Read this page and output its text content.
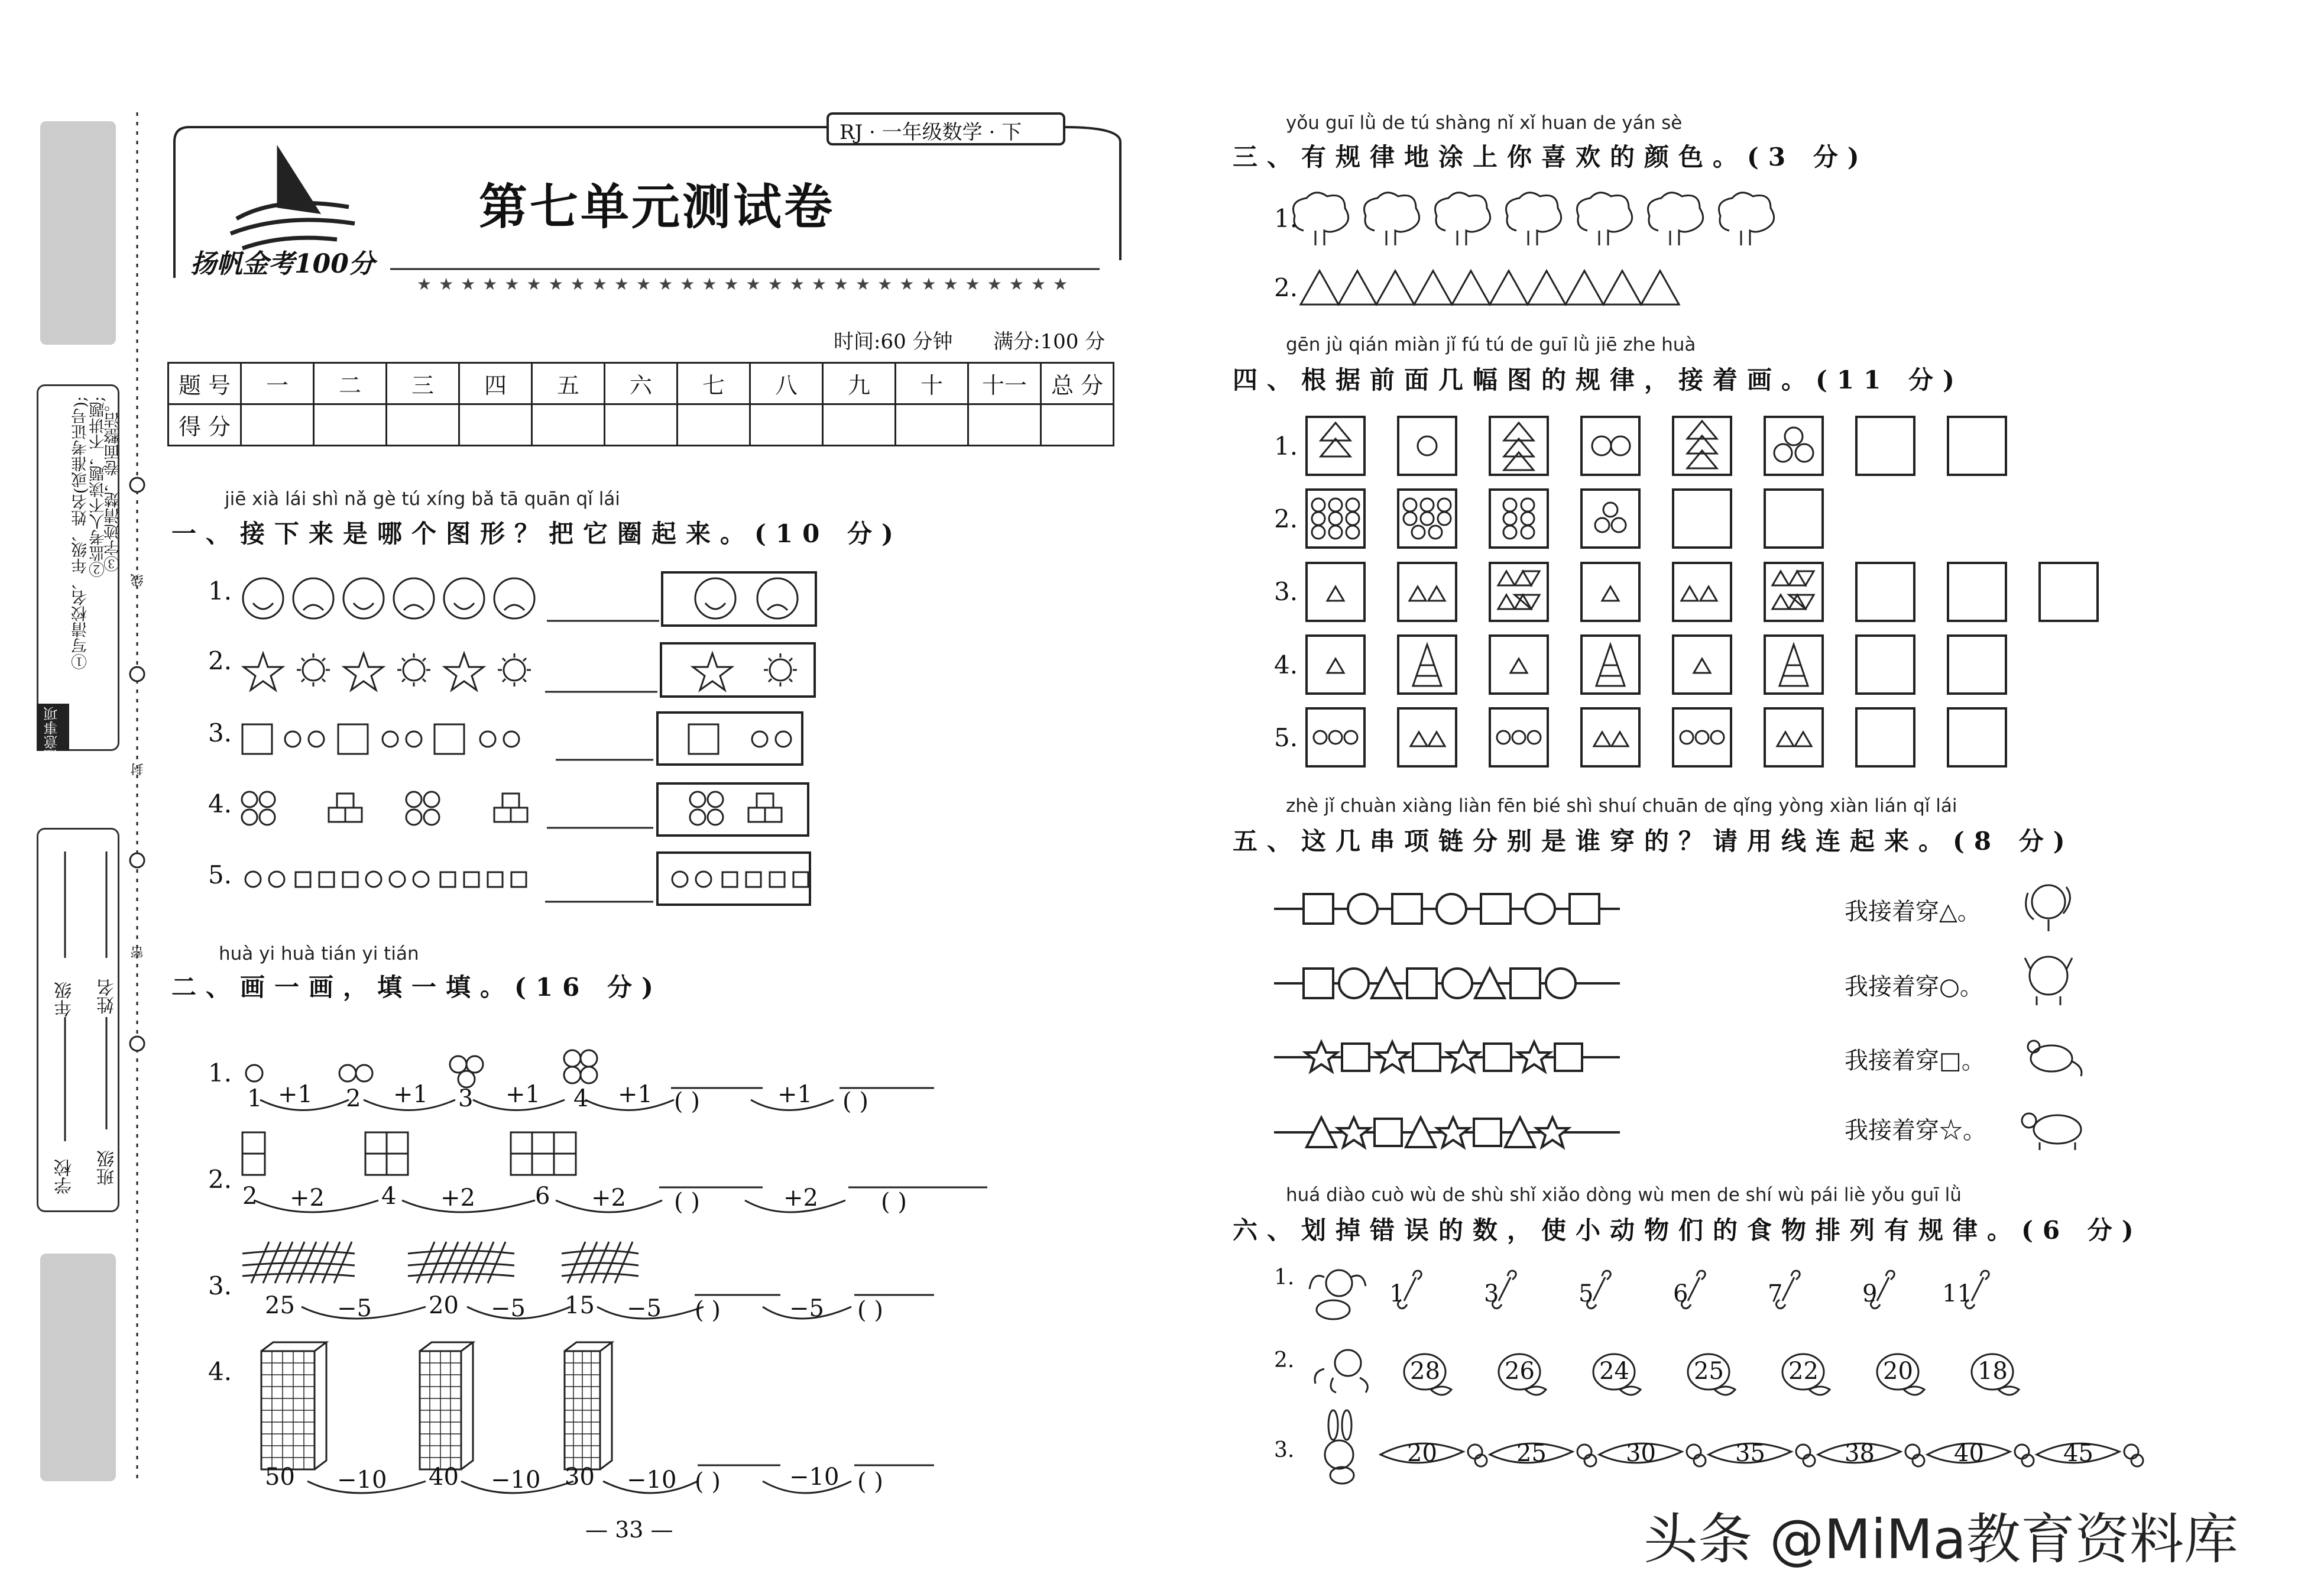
注意事项
①写清校名、年级、姓名(或准考证号); ②监考人不读题，不讲题;
③字迹清楚，卷面整洁。
学校
年级
班级
姓名
线
封
密
★★★★★★★★★★★★★★★★★★★★★★★★★★★★★★
RJ · 一年级数学 · 下
第七单元测试卷
扬帆金考100分
时间:60 分钟 满分:100 分
题 号	一	二	三	四	五	六	七	八	九	十	十一	总 分
得 分												
jiē xià lái shì nǎ gè tú xíng bǎ tā quān qǐ lái
一、接下来是哪个图形？把它圈起来。(10 分)
1.
2.
3.
4.
5.
huà yi huà tián yi tián
二、画一画，填一填。(16 分)
1.
2.
3.
4.
1 +1 2 +1 3 +1 4 +1 ( )	+1 ( )
2 +2 4 +2	6 +2 ( )	+2	( )
25 −5 20 −5 15 −5 ( )	−5 ( )
50 −10 40 −10 30 −10 ( )	−10 ( )
— 33 —
yǒu guī lǜ de tú shàng nǐ xǐ huan de yán sè
三、有规律地涂上你喜欢的颜色。(3 分)
1.
2.
gēn jù qián miàn jǐ fú tú de guī lǜ jiē zhe huà
四、根据前面几幅图的规律，接着画。(11 分)
1.
2.
3.
4.
5.
zhè jǐ chuàn xiàng liàn fēn bié shì shuí chuān de qǐng yòng xiàn lián qǐ lái
五、这几串项链分别是谁穿的？请用线连起来。(8 分)
我接着穿△。
我接着穿○。
我接着穿□。
我接着穿☆。
huá diào cuò wù de shù shǐ xiǎo dòng wù men de shí wù pái liè yǒu guī lǜ
六、划掉错误的数，使小动物们的食物排列有规律。(6 分)
1.
2.
3.
1	3	5	6	7	9	11
28	26	24	25	22	20	18
20	25	30	35	38	40	45
头条 @MiMa教育资料库
